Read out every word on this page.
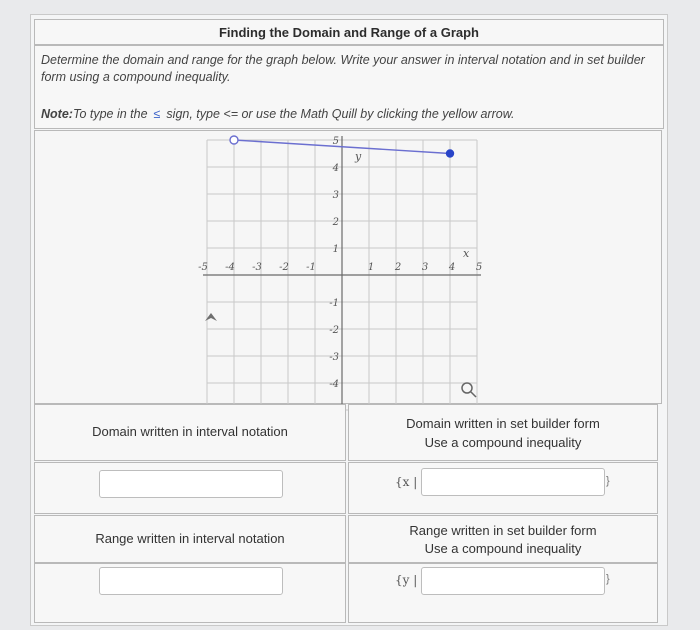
Finding the Domain and Range of a Graph
Determine the domain and range for the graph below. Write your answer in interval notation and in set builder form using a compound inequality.
Note:To type in the ≤ sign, type <= or use the Math Quill by clicking the yellow arrow.
-5 -4 -3 -2 -1	1 2 3 4 5
5
4
3
2
1
-1
-2
-3
-4
x
y
Domain written in interval notation
Domain written in set builder form
Use a compound inequality
{x |	}
Range written in interval notation
Range written in set builder form
Use a compound inequality
{y |	}
